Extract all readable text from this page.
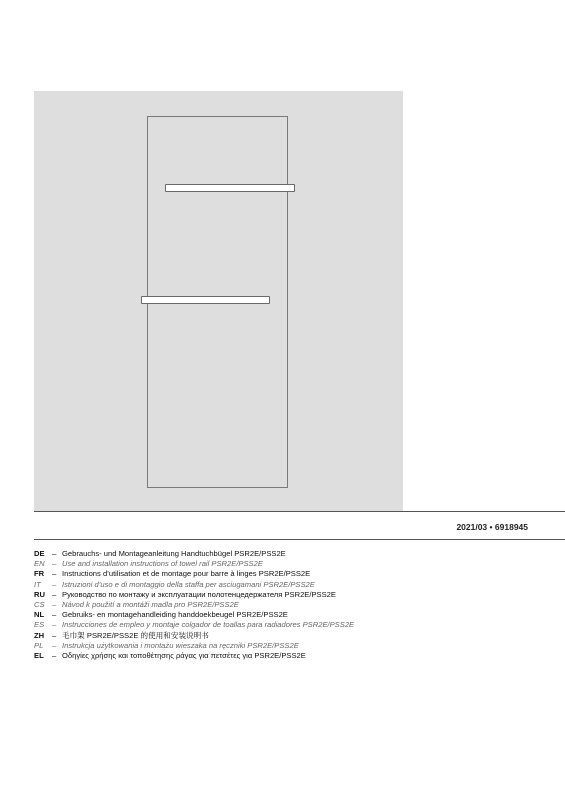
2021/03 • 6918945
DE – Gebrauchs- und Montageanleitung Handtuchbügel PSR2E/PSS2E
EN – Use and installation instructions of towel rail PSR2E/PSS2E
FR – Instructions d’utilisation et de montage pour barre à linges PSR2E/PSS2E
IT – Istruzioni d’uso e di montaggio della staffa per asciugamani PSR2E/PSS2E
RU – Руководство по монтажу и эксплуатации полотенцедержателя PSR2E/PSS2E
CS – Návod k použití a montáži madla pro PSR2E/PSS2E
NL – Gebruiks- en montagehandleiding handdoekbeugel PSR2E/PSS2E
ES – Instrucciones de empleo y montaje colgador de toallas para radiadores PSR2E/PSS2E
ZH – 毛巾架 PSR2E/PSS2E 的使用和安装说明书
PL – Instrukcja użytkowania i montażu wieszaka na ręczniki PSR2E/PSS2E
EL – Οδηγίες χρήσης και τοποθέτησης ράγας για πετσέτες για PSR2E/PSS2E
